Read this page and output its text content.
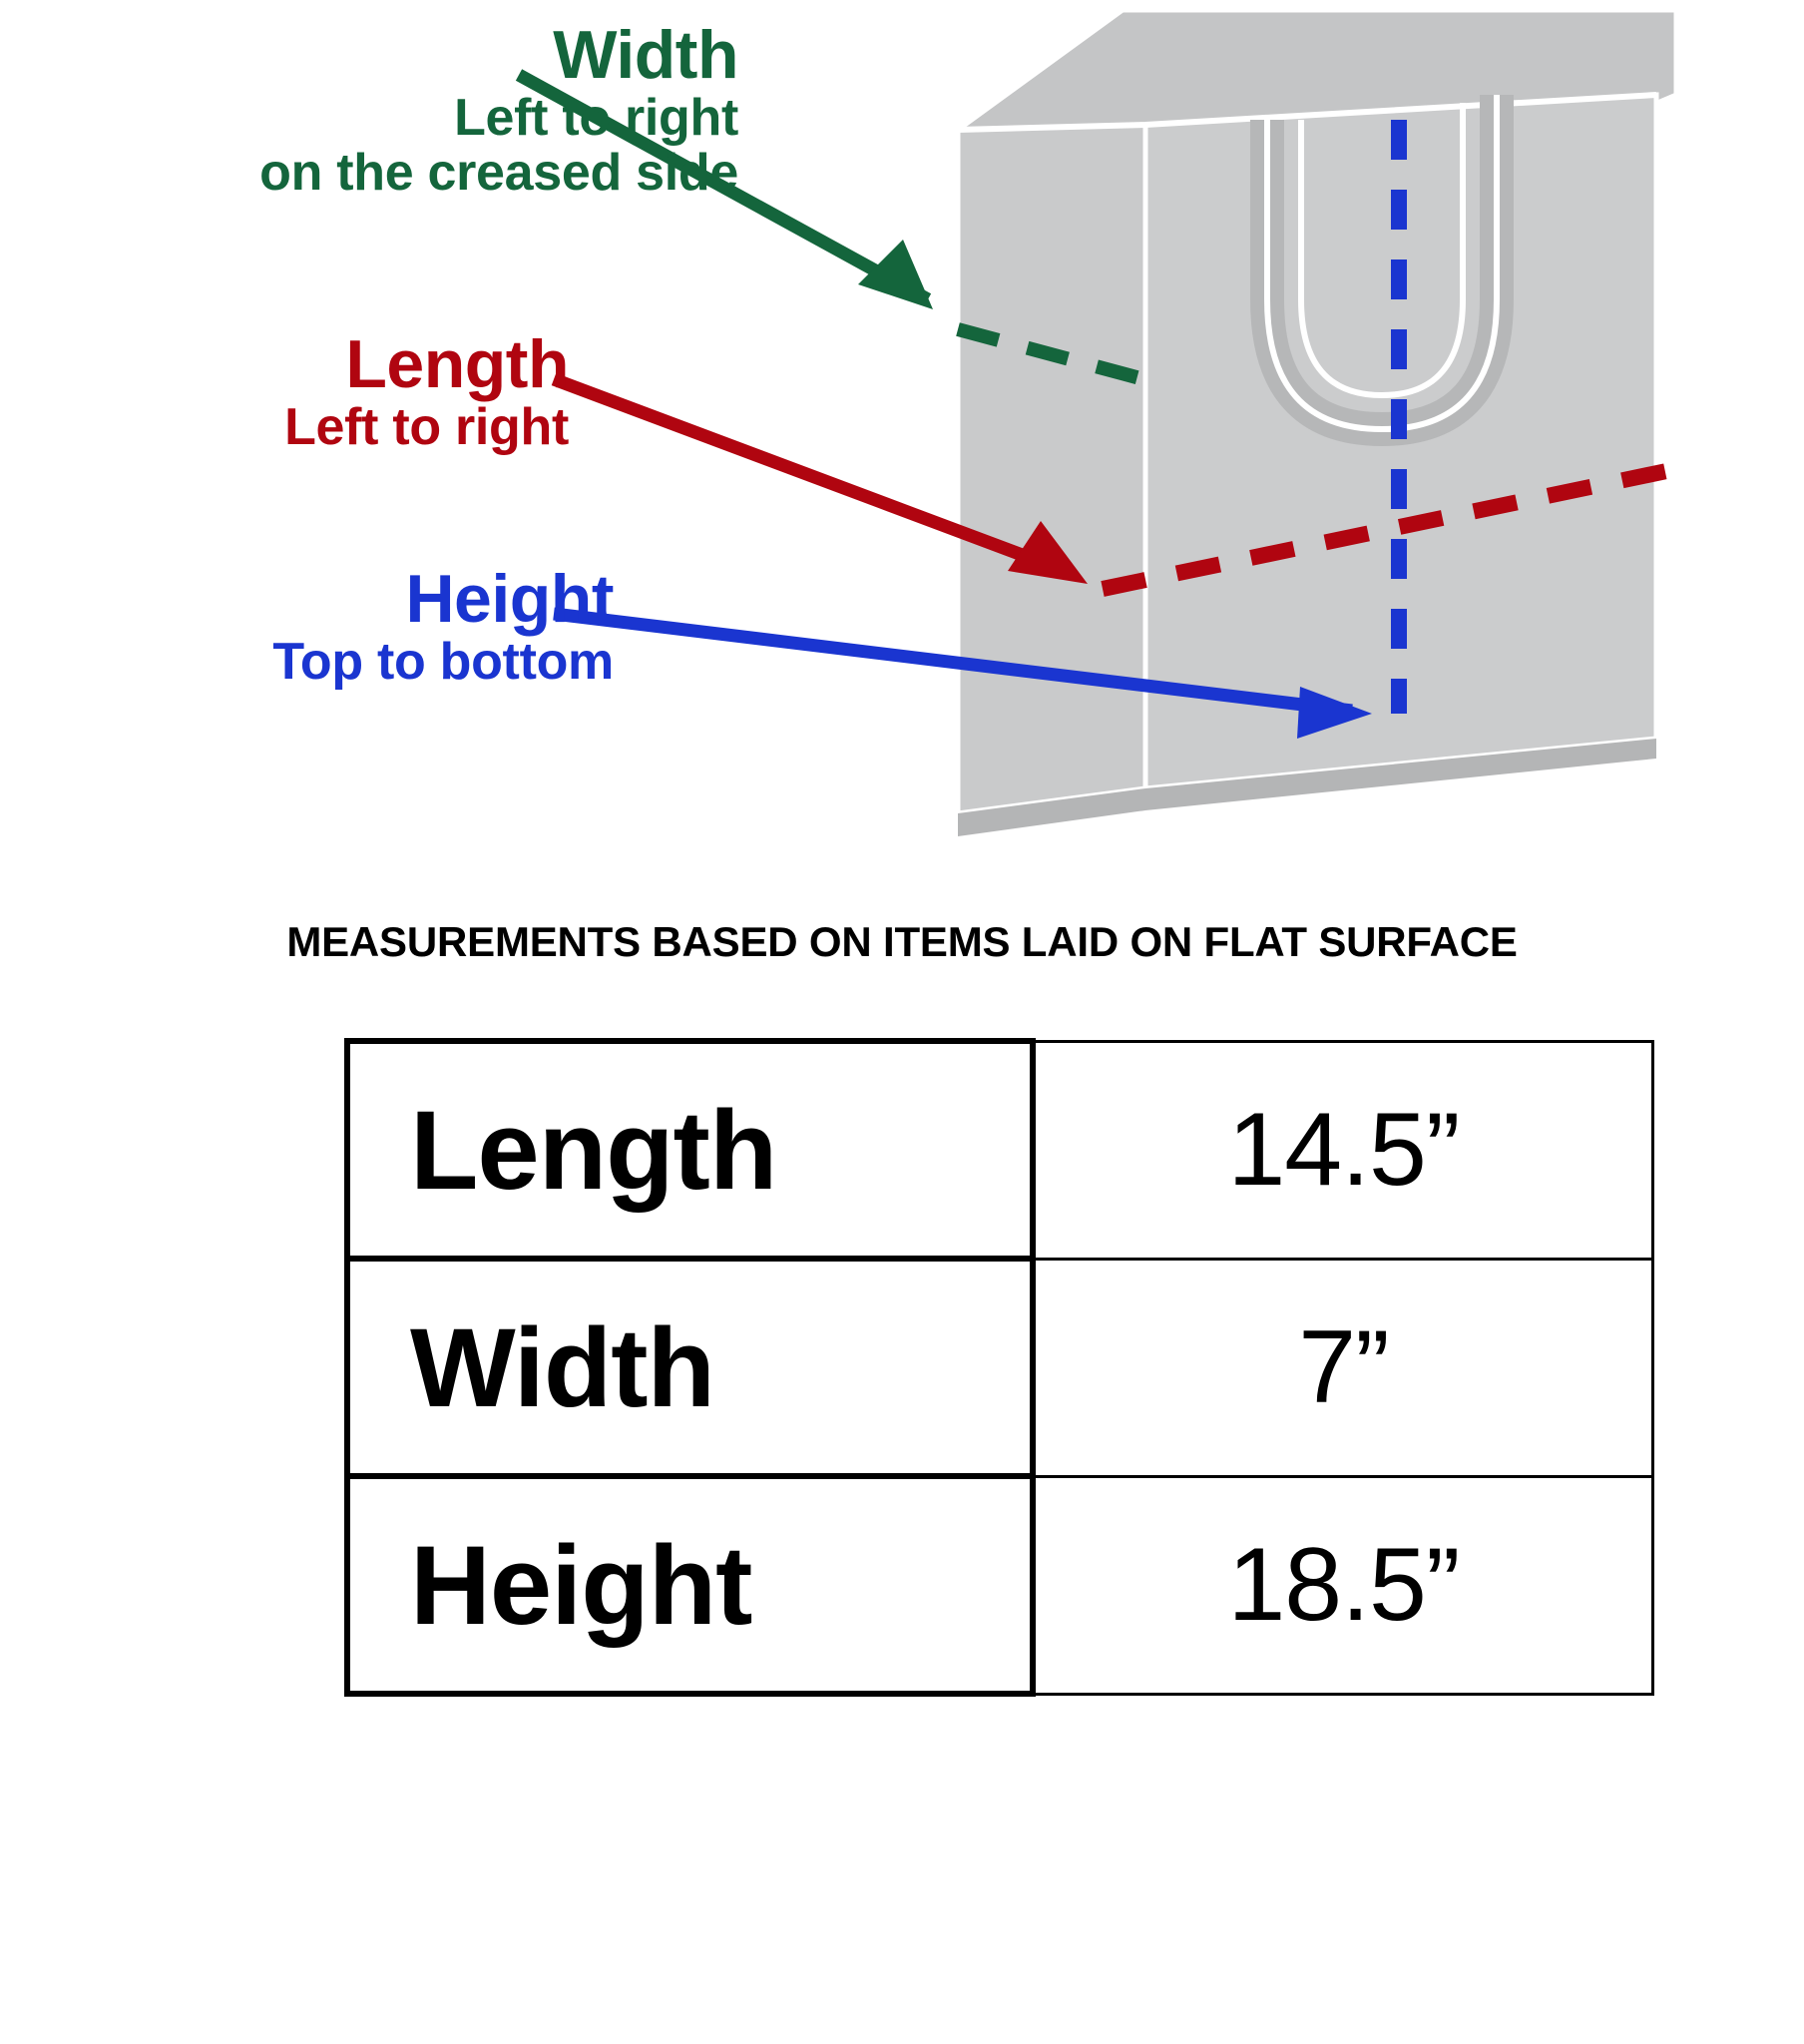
Width
Left to right
on the creased side
Length
Left to right
Height
Top to bottom
MEASUREMENTS BASED ON ITEMS LAID ON FLAT SURFACE
Length	14.5”
Width	7”
Height	18.5”
